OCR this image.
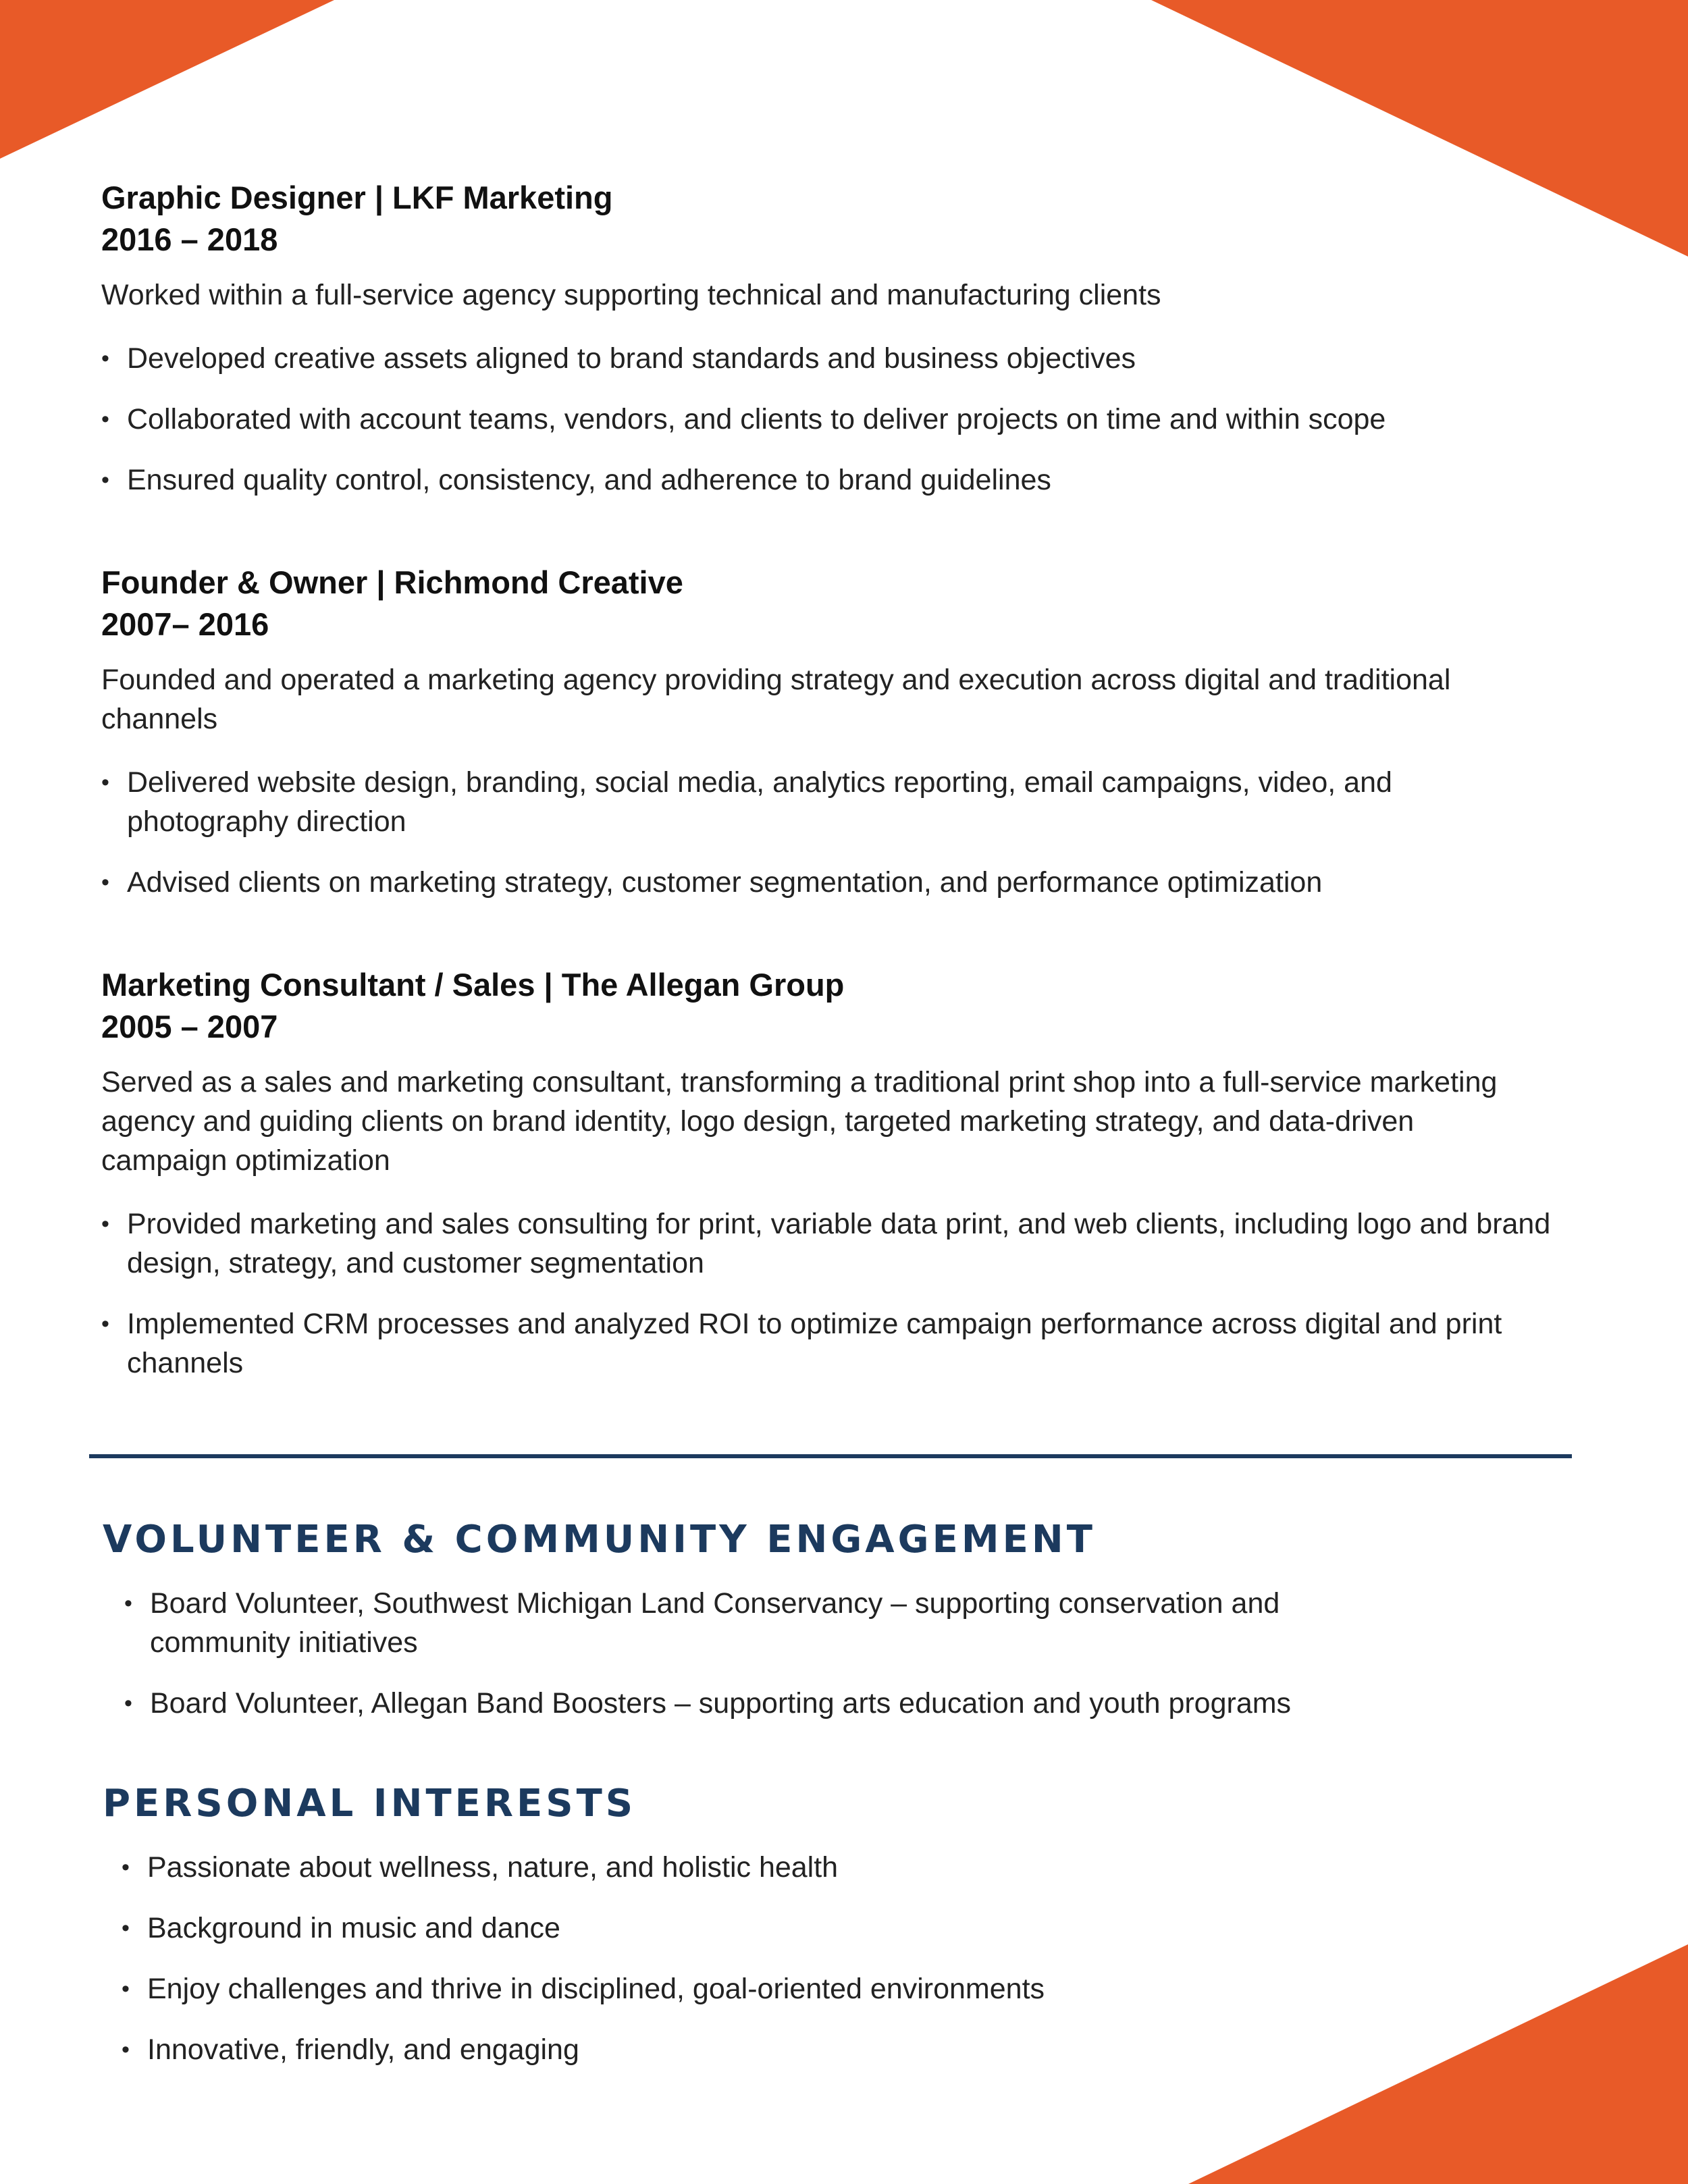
Graphic Designer | LKF Marketing
2016 – 2018
Worked within a full-service agency supporting technical and manufacturing clients
• Developed creative assets aligned to brand standards and business objectives
• Collaborated with account teams, vendors, and clients to deliver projects on time and within scope
• Ensured quality control, consistency, and adherence to brand guidelines
Founder & Owner | Richmond Creative
2007– 2016
Founded and operated a marketing agency providing strategy and execution across digital and traditional channels
• Delivered website design, branding, social media, analytics reporting, email campaigns, video, and photography direction
• Advised clients on marketing strategy, customer segmentation, and performance optimization
Marketing Consultant / Sales | The Allegan Group
2005 – 2007
Served as a sales and marketing consultant, transforming a traditional print shop into a full-service marketing agency and guiding clients on brand identity, logo design, targeted marketing strategy, and data-driven campaign optimization
• Provided marketing and sales consulting for print, variable data print, and web clients, including logo and brand design, strategy, and customer segmentation
• Implemented CRM processes and analyzed ROI to optimize campaign performance across digital and print channels
VOLUNTEER & COMMUNITY ENGAGEMENT
• Board Volunteer, Southwest Michigan Land Conservancy – supporting conservation and community initiatives
• Board Volunteer, Allegan Band Boosters – supporting arts education and youth programs
PERSONAL INTERESTS
• Passionate about wellness, nature, and holistic health
• Background in music and dance
• Enjoy challenges and thrive in disciplined, goal-oriented environments
• Innovative, friendly, and engaging
